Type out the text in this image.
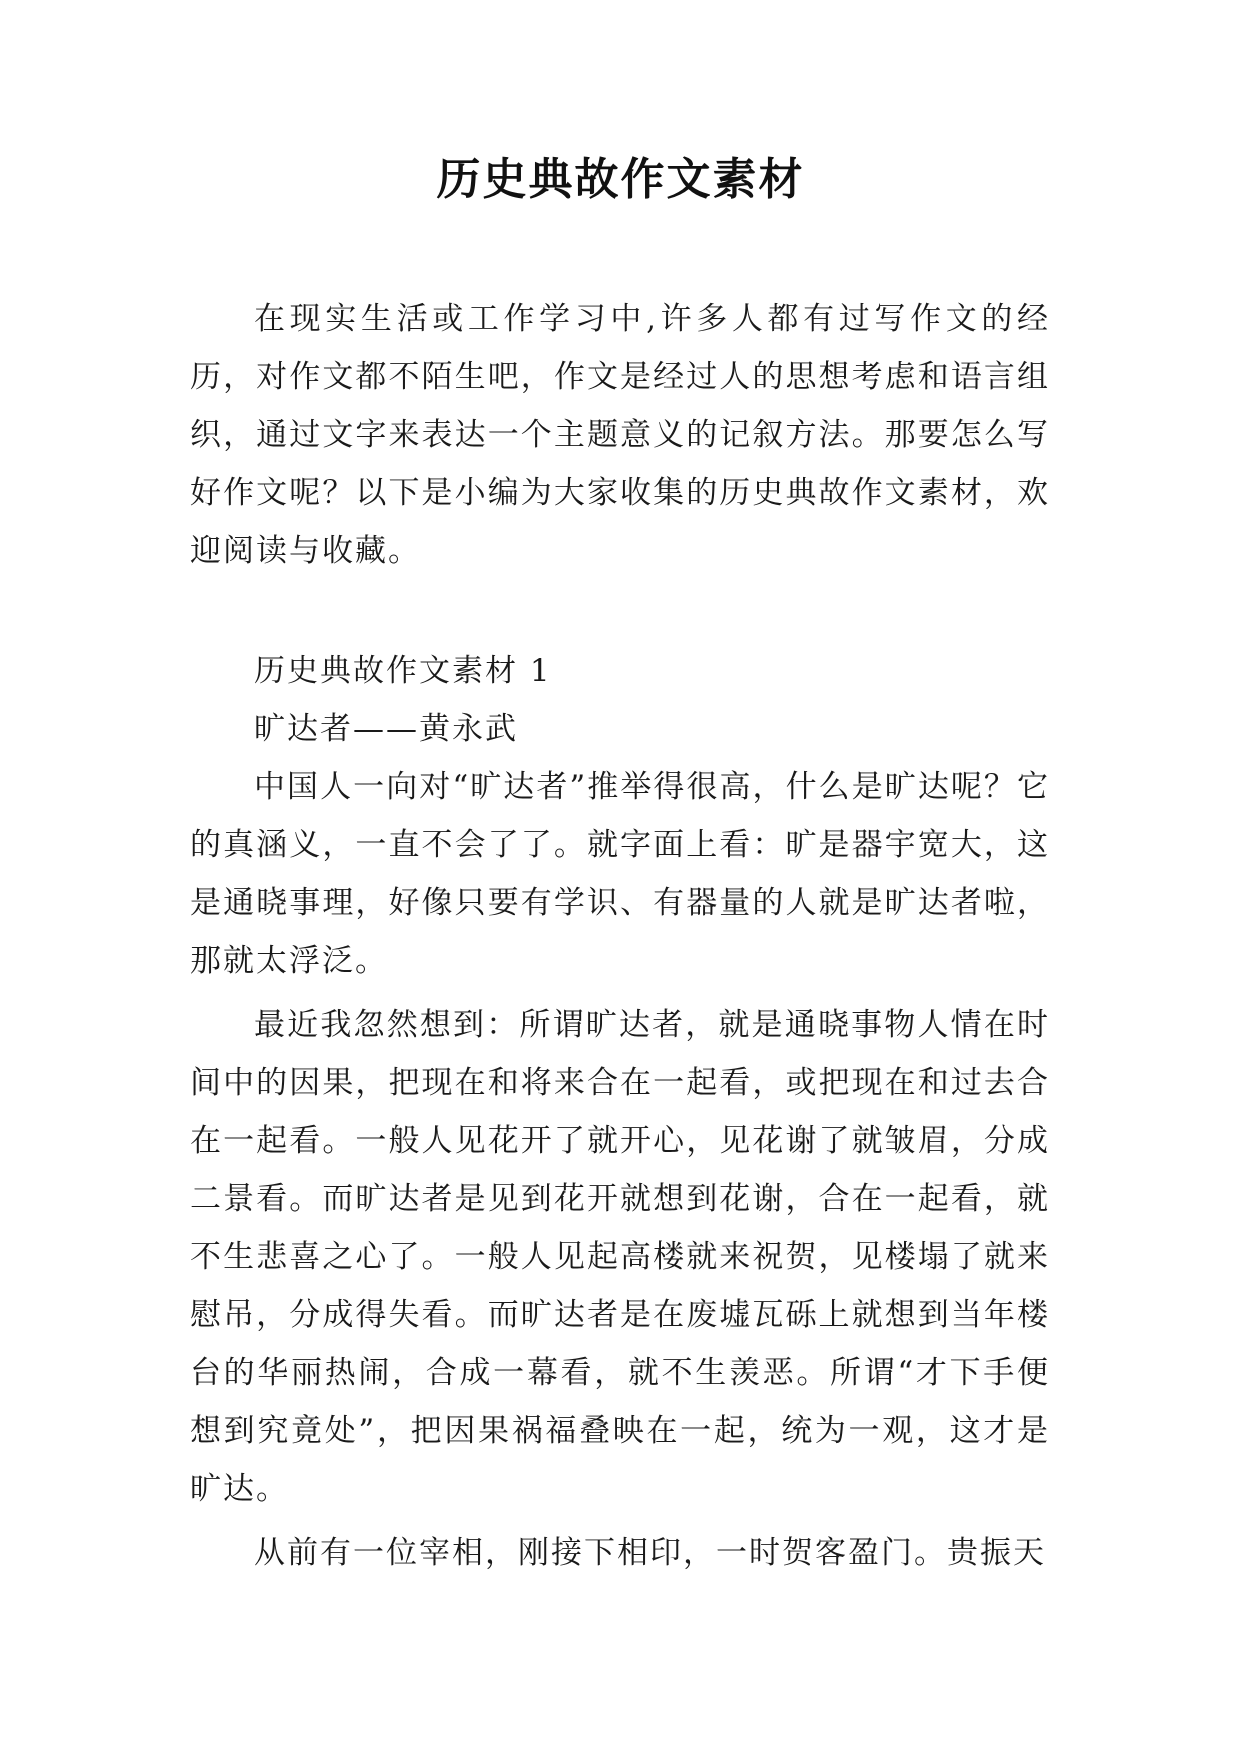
历史典故作文素材

在现实生活或工作学习中,许多人都有过写作文的经历，对作文都不陌生吧，作文是经过人的思想考虑和语言组织，通过文字来表达一个主题意义的记叙方法。那要怎么写好作文呢？以下是小编为大家收集的历史典故作文素材，欢迎阅读与收藏。

历史典故作文素材 1

旷达者——黄永武

中国人一向对“旷达者”推举得很高，什么是旷达呢？它的真涵义，一直不会了了。就字面上看：旷是器宇宽大，这是通晓事理，好像只要有学识、有器量的人就是旷达者啦，那就太浮泛。

最近我忽然想到：所谓旷达者，就是通晓事物人情在时间中的因果，把现在和将来合在一起看，或把现在和过去合在一起看。一般人见花开了就开心，见花谢了就皱眉，分成二景看。而旷达者是见到花开就想到花谢，合在一起看，就不生悲喜之心了。一般人见起高楼就来祝贺，见楼塌了就来慰吊，分成得失看。而旷达者是在废墟瓦砾上就想到当年楼台的华丽热闹，合成一幕看，就不生羡恶。所谓“才下手便想到究竟处”，把因果祸福叠映在一起，统为一观，这才是旷达。

从前有一位宰相，刚接下相印，一时贺客盈门。贵振天
